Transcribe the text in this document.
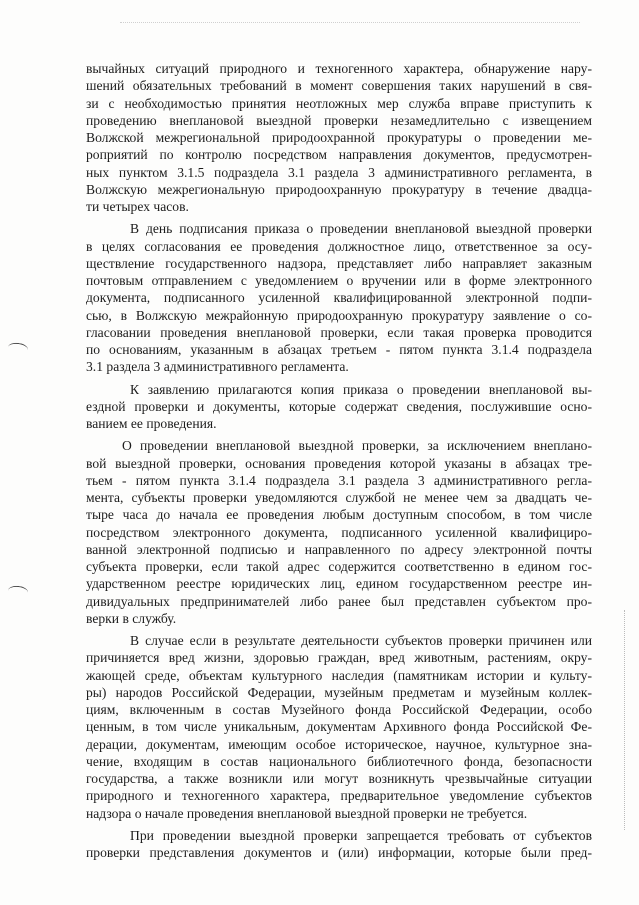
вычайных ситуаций природного и техногенного характера, обнаружение нару-
шений обязательных требований в момент совершения таких нарушений в свя-
зи с необходимостью принятия неотложных мер служба вправе приступить к
проведению внеплановой выездной проверки незамедлительно с извещением
Волжской межрегиональной природоохранной прокуратуры о проведении ме-
роприятий по контролю посредством направления документов, предусмотрен-
ных пунктом 3.1.5 подраздела 3.1 раздела 3 административного регламента, в
Волжскую межрегиональную природоохранную прокуратуру в течение двадца-
ти четырех часов.
В день подписания приказа о проведении внеплановой выездной проверки
в целях согласования ее проведения должностное лицо, ответственное за осу-
ществление государственного надзора, представляет либо направляет заказным
почтовым отправлением с уведомлением о вручении или в форме электронного
документа, подписанного усиленной квалифицированной электронной подпи-
сью, в Волжскую межрайонную природоохранную прокуратуру заявление о со-
гласовании проведения внеплановой проверки, если такая проверка проводится
по основаниям, указанным в абзацах третьем - пятом пункта 3.1.4 подраздела
3.1 раздела 3 административного регламента.
К заявлению прилагаются копия приказа о проведении внеплановой вы-
ездной проверки и документы, которые содержат сведения, послужившие осно-
ванием ее проведения.
О проведении внеплановой выездной проверки, за исключением внепланo-
вой выездной проверки, основания проведения которой указаны в абзацах тре-
тьем - пятом пункта 3.1.4 подраздела 3.1 раздела 3 административного регла-
мента, субъекты проверки уведомляются службой не менее чем за двадцать че-
тыре часа до начала ее проведения любым доступным способом, в том числе
посредством электронного документа, подписанного усиленной квалифициро-
ванной электронной подписью и направленного по адресу электронной почты
субъекта проверки, если такой адрес содержится соответственно в едином гос-
ударственном реестре юридических лиц, едином государственном реестре ин-
дивидуальных предпринимателей либо ранее был представлен субъектом про-
верки в службу.
В случае если в результате деятельности субъектов проверки причинен или
причиняется вред жизни, здоровью граждан, вред животным, растениям, окру-
жающей среде, объектам культурного наследия (памятникам истории и культу-
ры) народов Российской Федерации, музейным предметам и музейным коллек-
циям, включенным в состав Музейного фонда Российской Федерации, особо
ценным, в том числе уникальным, документам Архивного фонда Российской Фе-
дерации, документам, имеющим особое историческое, научное, культурное зна-
чение, входящим в состав национального библиотечного фонда, безопасности
государства, а также возникли или могут возникнуть чрезвычайные ситуации
природного и техногенного характера, предварительное уведомление субъектов
надзора о начале проведения внеплановой выездной проверки не требуется.
При проведении выездной проверки запрещается требовать от субъектов
проверки представления документов и (или) информации, которые были пред-
